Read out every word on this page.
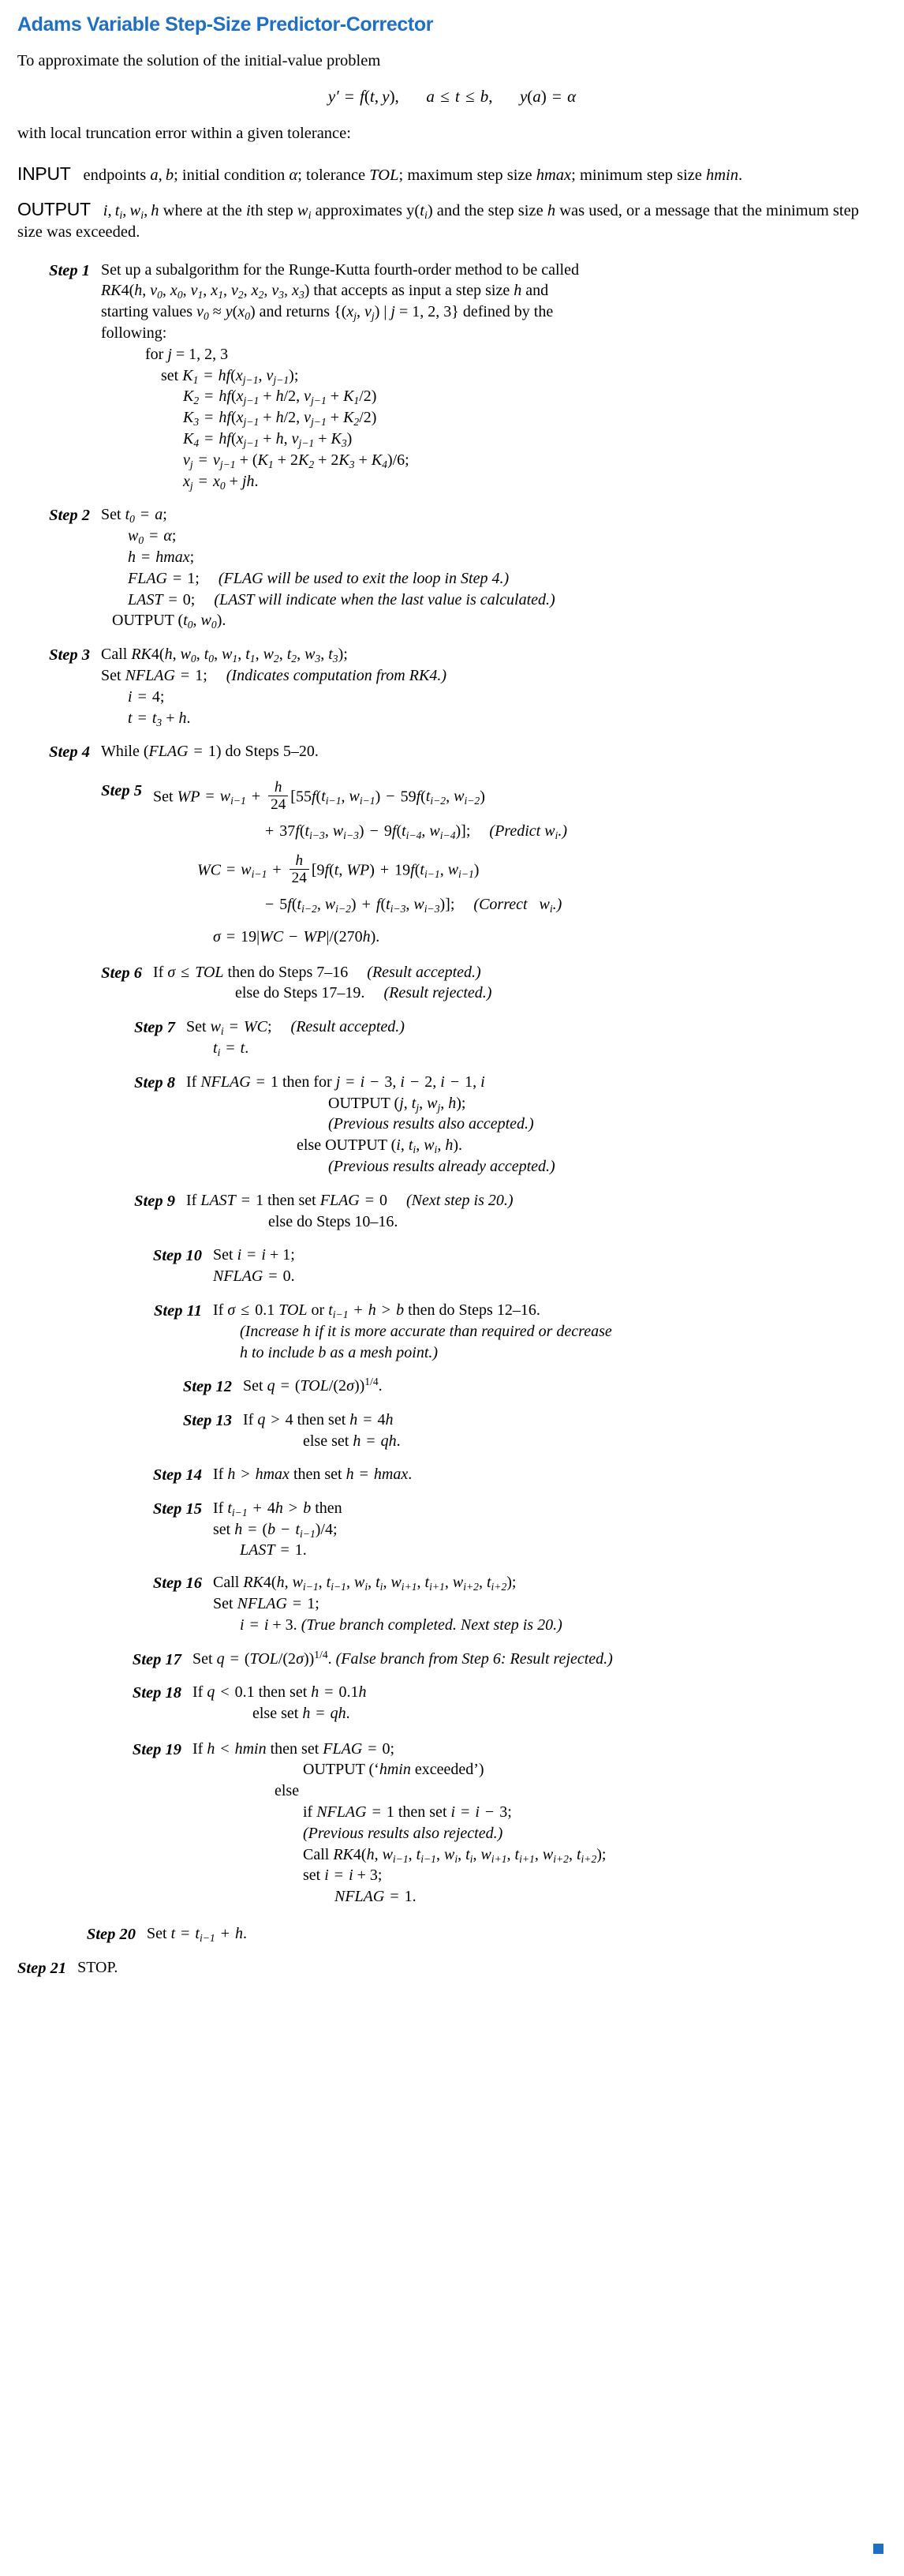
Adams Variable Step-Size Predictor-Corrector
To approximate the solution of the initial-value problem
y′ = f(t, y),  a ≤ t ≤ b,  y(a) = α
with local truncation error within a given tolerance:
INPUT endpoints a, b; initial condition α; tolerance TOL; maximum step size hmax; minimum step size hmin.
OUTPUT i, $t_i$, $w_i$, h where at the ith step $w_i$ approximates $y(t_i)$ and the step size h was used, or a message that the minimum step size was exceeded.
Step 1 Set up a subalgorithm for the Runge-Kutta fourth-order method to be called
RK4(h, $v_0$, $x_0$, $v_1$, $x_1$, $v_2$, $x_2$, $v_3$, $x_3$) that accepts as input a step size h and
starting values $v_0 \approx y(x_0)$ and returns {($x_j$, $v_j$) | j = 1, 2, 3} defined by the
following:
for j = 1, 2, 3
set $K_1 = hf(x_{j-1}$, $v_{j-1}$);
$K_2 = hf(x_{j-1} + h/2$, $v_{j-1} + K_1/2$)
$K_3 = hf(x_{j-1} + h/2$, $v_{j-1} + K_2/2$)
$K_4 = hf(x_{j-1} + h$, $v_{j-1} + K_3$)
$v_j = v_{j-1} + (K_1 + 2K_2 + 2K_3 + K_4)/6$;
$x_j = x_0$ + jh.
Step 2 Set $t_0 = a$;
$w_0 = \alpha$;
h = hmax;
FLAG = 1; (FLAG will be used to exit the loop in Step 4.)
LAST = 0; (LAST will indicate when the last value is calculated.)
OUTPUT ($t_0$, $w_0$).
Step 3 Call RK4(h, $w_0$, $t_0$, $w_1$, $t_1$, $w_2$, $t_2$, $w_3$, $t_3$);
Set NFLAG = 1; (Indicates computation from RK4.)
i = 4;
$t = t_3 + h$.
Step 4 While (FLAG = 1) do Steps 5–20.
Step 5 Set WP = $w_{i-1} + \frac{h}{24} [55f(t_{i-1}$, $w_{i-1}) - 59f(t_{i-2}$, $w_{i-2}$)
+ $37f(t_{i-3}$, $w_{i-3}) - 9f(t_{i-4}$, $w_{i-4}$)]; (Predict $w_i$.)
WC = $w_{i-1} + \frac{h}{24} [9f(t$, $WP) + 19f(t_{i-1}$, $w_{i-1}$)
− $5f(t_{i-2}$, $w_{i-2}) + f(t_{i-3}$, $w_{i-3}$)]; (Correct $w_i$.)
σ = 19|WC − WP|/(270h).
Step 6 If σ ≤ TOL then do Steps 7–16 (Result accepted.)
else do Steps 17–19. (Result rejected.)
Step 7 Set $w_i$ = WC; (Result accepted.)
$t_i = t$.
Step 8 If NFLAG = 1 then for j = i − 3, i − 2, i − 1, i
OUTPUT (j, $t_j$, $w_j$, h);
(Previous results also accepted.)
else OUTPUT (i, $t_i$, $w_i$, h).
(Previous results already accepted.)
Step 9 If LAST = 1 then set FLAG = 0 (Next step is 20.)
else do Steps 10–16.
Step 10 Set i = i + 1;
NFLAG = 0.
Step 11 If σ ≤ 0.1 TOL or $t_{i-1} + h > b$ then do Steps 12–16.
(Increase h if it is more accurate than required or decrease
h to include b as a mesh point.)
Step 12 Set $q = (TOL/(2\sigma))^{1/4}$.
Step 13 If q > 4 then set h = 4h
else set h = qh.
Step 14 If h > hmax then set h = hmax.
Step 15 If $t_{i-1} + 4h > b$ then
set $h = (b - t_{i-1})/4$;
LAST = 1.
Step 16 Call RK4(h, $w_{i-1}$, $t_{i-1}$, $w_i$, $t_i$, $w_{i+1}$, $t_{i+1}$, $w_{i+2}$, $t_{i+2}$);
Set NFLAG = 1;
i = i + 3. (True branch completed. Next step is 20.)
Step 17 Set $q = (TOL/(2\sigma))^{1/4}$. (False branch from Step 6: Result rejected.)
Step 18 If q < 0.1 then set h = 0.1h
else set h = qh.
Step 19 If h < hmin then set FLAG = 0;
OUTPUT (‘hmin exceeded’)
else
if NFLAG = 1 then set i = i − 3;
(Previous results also rejected.)
Call RK4(h, $w_{i-1}$, $t_{i-1}$, $w_i$, $t_i$, $w_{i+1}$, $t_{i+1}$, $w_{i+2}$, $t_{i+2}$);
set i = i + 3;
NFLAG = 1.
Step 20 Set $t = t_{i-1} + h$.
Step 21 STOP.
